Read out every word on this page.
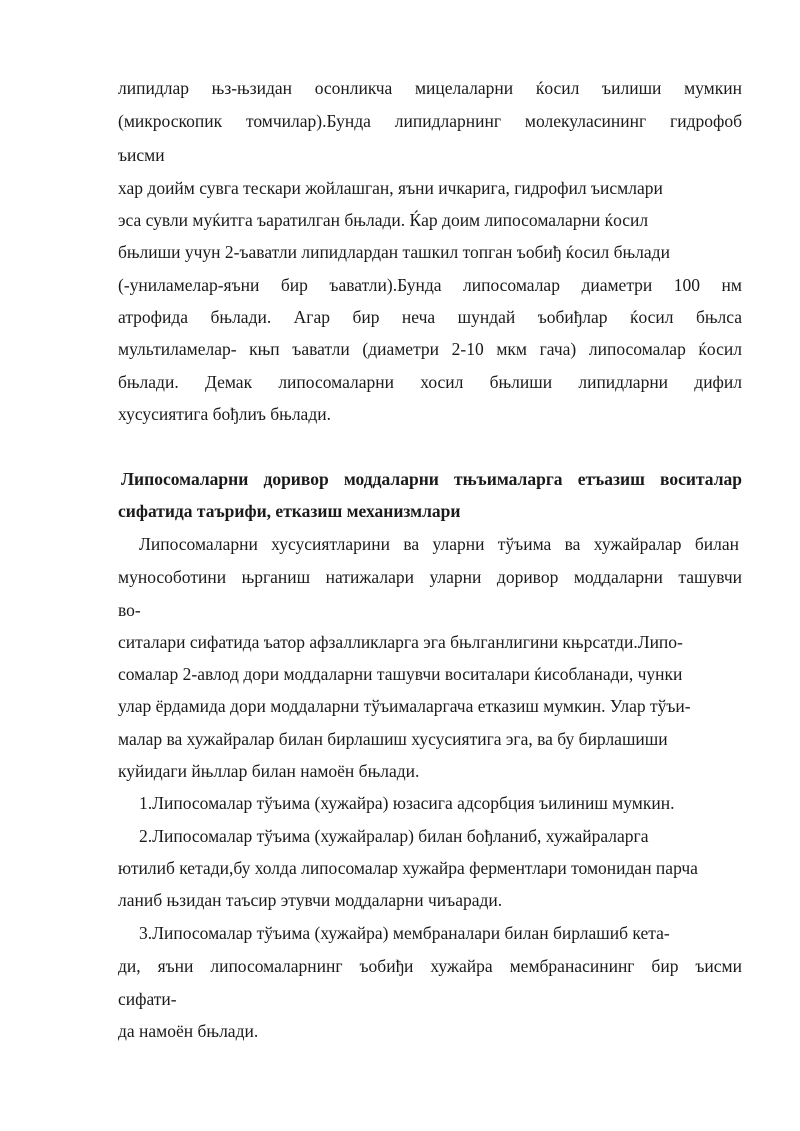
липидлар њз-њзидан осонликча мицелаларни ќосил ъилиши мумкин

(микроскопик томчилар).Бунда липидларнинг молекуласининг гидрофоб

ъисми

хар доийм сувга тескари жойлашган, яъни ичкарига, гидрофил ъисмлари

эса сувли муќитга ъаратилган бњлади. Ќар доим липосомаларни ќосил

бњлиши учун 2-ъаватли липидлардан ташкил топган ъобиђ ќосил бњлади

(-униламелар-яъни бир ъаватли).Бунда липосомалар диаметри 100 нм

атрофида бњлади. Агар бир неча шундай ъобиђлар ќосил бњлса

мультиламелар- књп ъаватли (диаметри 2-10 мкм гача) липосомалар ќосил

бњлади. Демак липосомаларни хосил бњлиши липидларни дифил

хусусиятига бођлиъ бњлади.

Липосомаларни доривор моддаларни тњъималарга етъазиш воситалар

сифатида таърифи, етказиш механизмлари

Липосомаларни хусусиятларини ва уларни тўъима ва хужайралар билан

мунособотини њрганиш натижалари уларни доривор моддаларни ташувчи

во-

ситалари сифатида ъатор афзалликларга эга бњлганлигини књрсатди.Липо-

сомалар 2-авлод дори моддаларни ташувчи воситалари ќисобланади, чунки

улар ёрдамида дори моддаларни тўъималаргача етказиш мумкин. Улар тўъи-

малар ва хужайралар билан бирлашиш хусусиятига эга, ва бу бирлашиши

куйидаги йњллар билан намоён бњлади.

1.Липосомалар тўъима (хужайра) юзасига адсорбция ъилиниш мумкин.

2.Липосомалар тўъима (хужайралар) билан бођланиб, хужайраларга

ютилиб кетади,бу холда липосомалар хужайра ферментлари томонидан парча

ланиб њзидан таъсир этувчи моддаларни чиъаради.

3.Липосомалар тўъима (хужайра) мембраналари билан бирлашиб кета-

ди, яъни липосомаларнинг ъобиђи хужайра мембранасининг бир ъисми

сифати-

да намоён бњлади.
